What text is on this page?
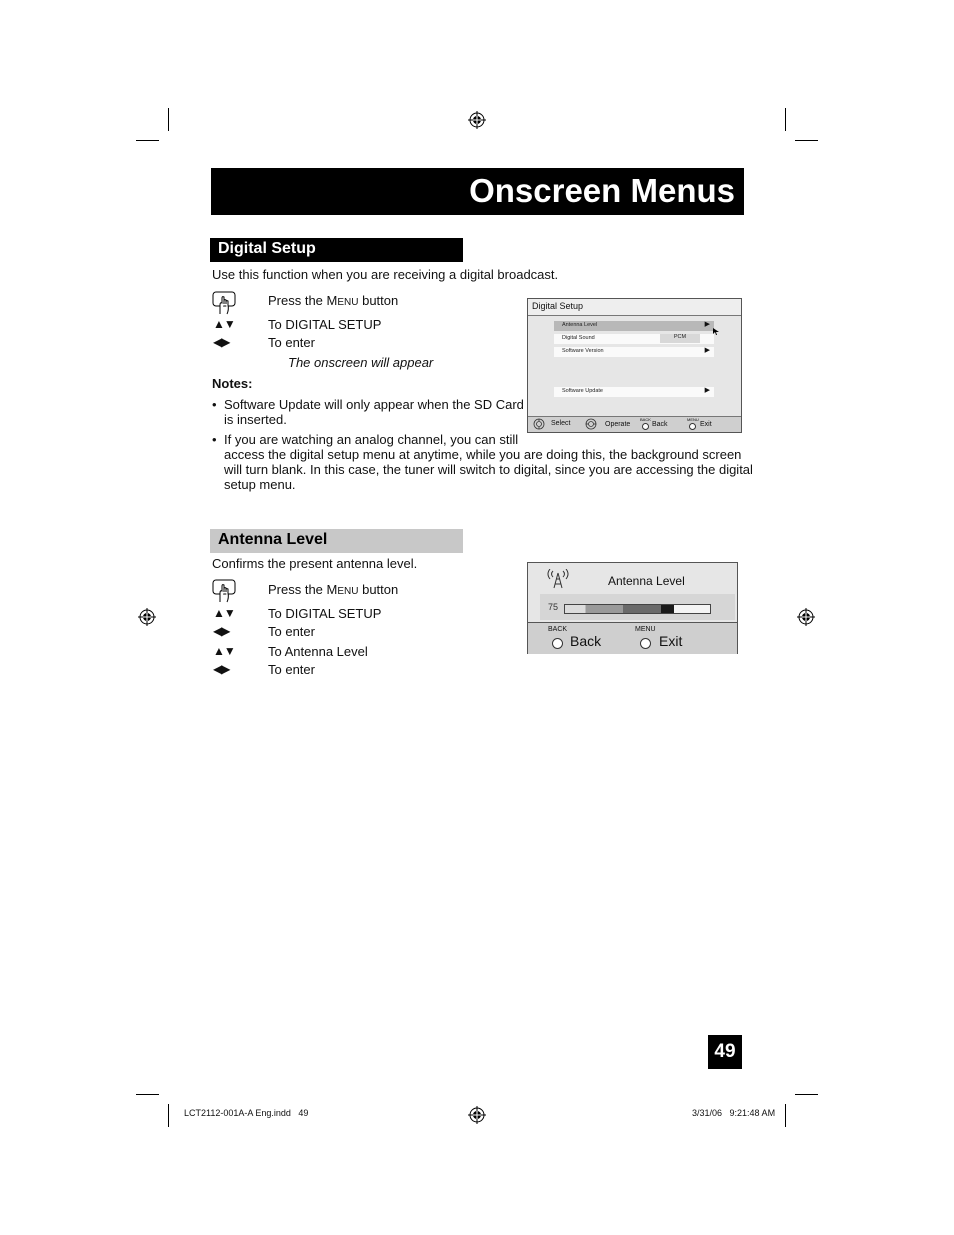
Onscreen Menus
Digital Setup
Use this function when you are receiving a digital broadcast.
Press the MENU button
▲▼	To DIGITAL SETUP
◀▶	To enter
The onscreen will appear
Notes:
• Software Update will only appear when the SD Card
is inserted.
• If you are watching an analog channel, you can still
access the digital setup menu at anytime, while you are doing this, the background screen
will turn blank. In this case, the tuner will switch to digital, since you are accessing the digital
setup menu.
Digital Setup
Antenna Level	▶
Digital Sound	PCM
Software Version	▶
Software Update	▶
Select	Operate
BACK
Back
MENU
Exit
Antenna Level
Confirms the present antenna level.
Press the MENU button
▲▼	To DIGITAL SETUP
◀▶	To enter
▲▼	To Antenna Level
◀▶	To enter
Antenna Level
75
BACK
Back
MENU
Exit
49
LCT2112-001A-A Eng.indd   49	3/31/06   9:21:48 AM
